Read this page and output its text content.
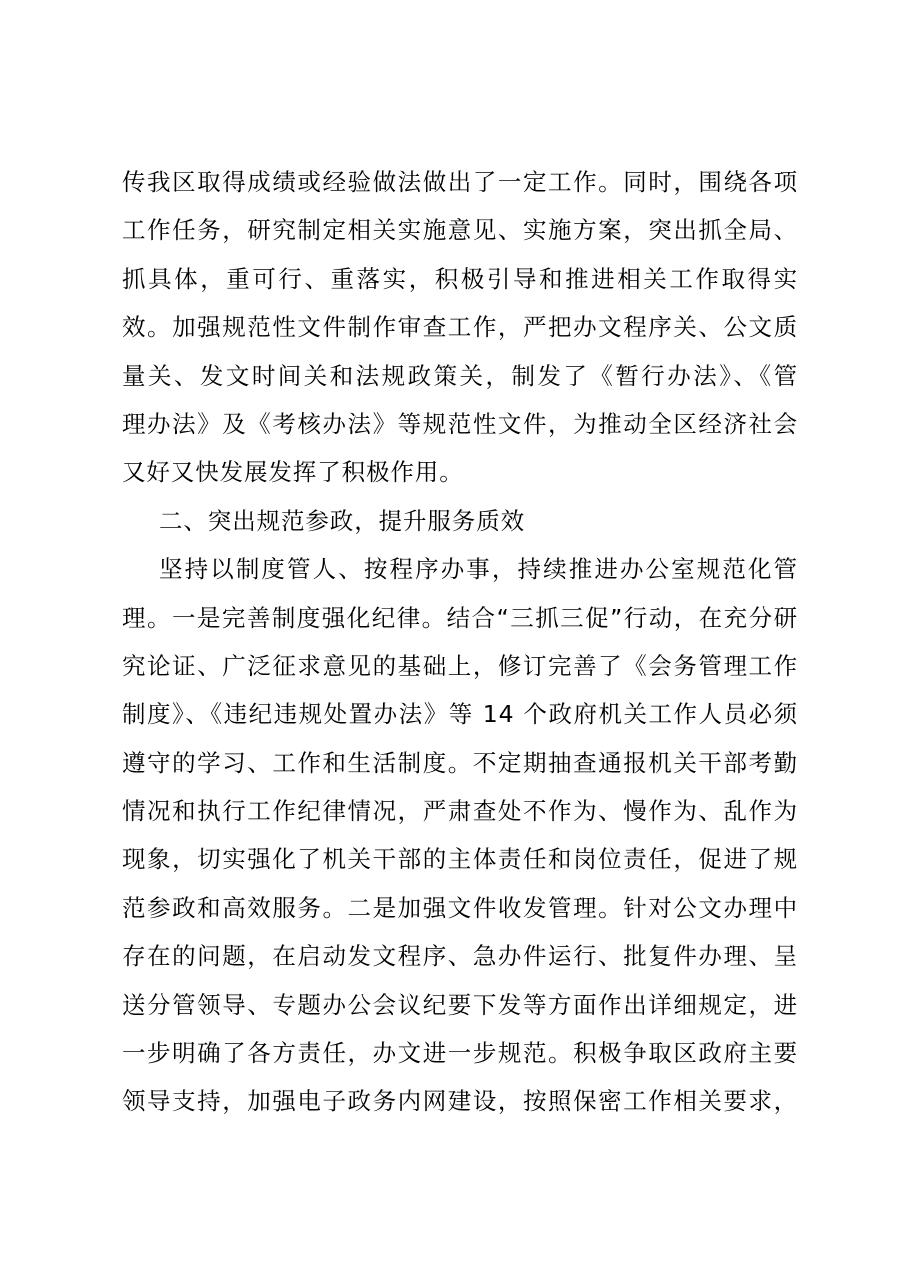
传我区取得成绩或经验做法做出了一定工作。同时，围绕各项
工作任务，研究制定相关实施意见、实施方案，突出抓全局、
抓具体，重可行、重落实，积极引导和推进相关工作取得实
效。加强规范性文件制作审查工作，严把办文程序关、公文质
量关、发文时间关和法规政策关，制发了《暂行办法》、《管
理办法》及《考核办法》等规范性文件，为推动全区经济社会
又好又快发展发挥了积极作用。
二、突出规范参政，提升服务质效
坚持以制度管人、按程序办事，持续推进办公室规范化管
理。一是完善制度强化纪律。结合“三抓三促”行动，在充分研
究论证、广泛征求意见的基础上，修订完善了《会务管理工作
制度》、《违纪违规处置办法》等 14 个政府机关工作人员必须
遵守的学习、工作和生活制度。不定期抽查通报机关干部考勤
情况和执行工作纪律情况，严肃查处不作为、慢作为、乱作为
现象，切实强化了机关干部的主体责任和岗位责任，促进了规
范参政和高效服务。二是加强文件收发管理。针对公文办理中
存在的问题，在启动发文程序、急办件运行、批复件办理、呈
送分管领导、专题办公会议纪要下发等方面作出详细规定，进
一步明确了各方责任，办文进一步规范。积极争取区政府主要
领导支持，加强电子政务内网建设，按照保密工作相关要求，
